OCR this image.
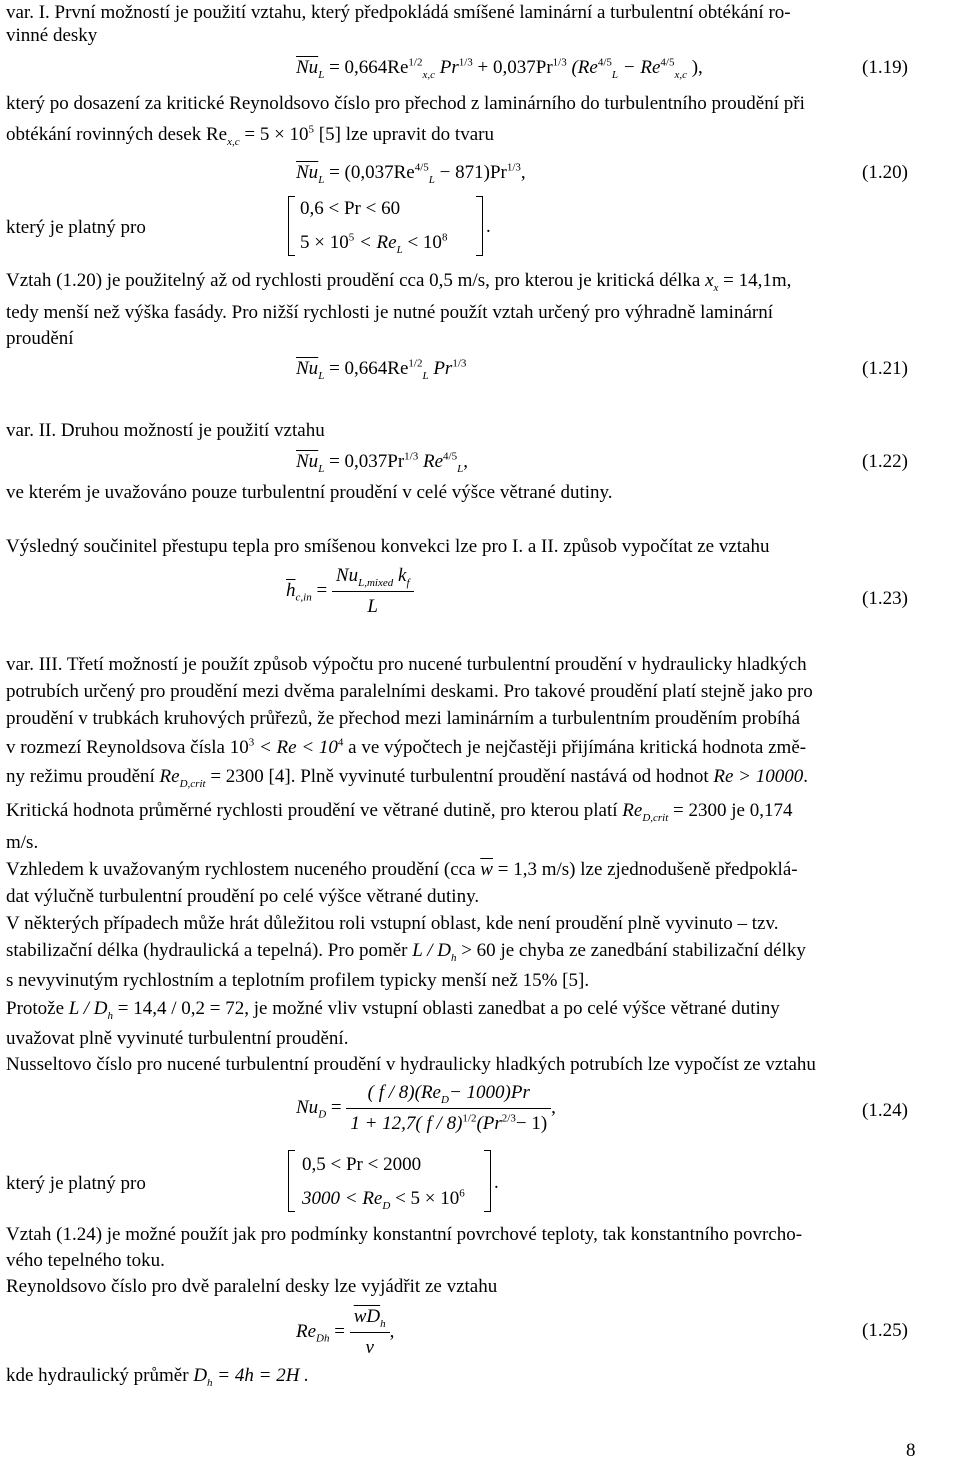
var. I. První možností je použití vztahu, který předpokládá smíšené laminární a turbulentní obtékání ro-
vinné desky
$\overline{Nu}_L = 0,664Re^{1/2}_{x,c}$ $Pr^{1/3} + 0,037Pr^{1/3}$ ($Re^{4/5}_L - Re^{4/5}_{x,c}$ ),	(1.19)
který po dosazení za kritické Reynoldsovo číslo pro přechod z laminárního do turbulentního proudění při
obtékání rovinných desek $Re_{x,c} = 5 \times 10^5$ [5] lze upravit do tvaru
$\overline{Nu}_L = (0,037Re^{4/5}_L - 871)Pr^{1/3}$,	(1.20)
který je platný pro
0,6 < Pr < 60
$5 \times 10^5 < Re_L < 10^8$
.
Vztah (1.20) je použitelný až od rychlosti proudění cca 0,5 m/s, pro kterou je kritická délka $x_x = 14,1m$,
tedy menší než výška fasády. Pro nižší rychlosti je nutné použít vztah určený pro výhradně laminární
proudění
$\overline{Nu}_L = 0,664Re^{1/2}_L$ $Pr^{1/3}$	(1.21)
var. II. Druhou možností je použití vztahu
$\overline{Nu}_L = 0,037Pr^{1/3}$ $Re^{4/5}_L$,	(1.22)
ve kterém je uvažováno pouze turbulentní proudění v celé výšce větrané dutiny.
Výsledný součinitel přestupu tepla pro smíšenou konvekci lze pro I. a II. způsob vypočítat ze vztahu
$\overline{h}_{c,in} = \frac{Nu_{L,mixed} k_f}{L}$	(1.23)
var. III. Třetí možností je použít způsob výpočtu pro nucené turbulentní proudění v hydraulicky hladkých
potrubích určený pro proudění mezi dvěma paralelními deskami. Pro takové proudění platí stejně jako pro
proudění v trubkách kruhových průřezů, že přechod mezi laminárním a turbulentním prouděním probíhá
v rozmezí Reynoldsova čísla $10^3 < Re < 10^4$ a ve výpočtech je nejčastěji přijímána kritická hodnota změ-
ny režimu proudění $Re_{D,crit} = 2300$ [4]. Plně vyvinuté turbulentní proudění nastává od hodnot Re > 10000.
Kritická hodnota průměrné rychlosti proudění ve větrané dutině, pro kterou platí $Re_{D,crit} = 2300$ je 0,174
m/s.
Vzhledem k uvažovaným rychlostem nuceného proudění (cca $\overline{w} = 1,3$ m/s) lze zjednodušeně předpoklá-
dat výlučně turbulentní proudění po celé výšce větrané dutiny.
V některých případech může hrát důležitou roli vstupní oblast, kde není proudění plně vyvinuto – tzv.
stabilizační délka (hydraulická a tepelná). Pro poměr $L / D_h > 60$ je chyba ze zanedbání stabilizační délky
s nevyvinutým rychlostním a teplotním profilem typicky menší než 15% [5].
Protože $L / D_h = 14,4 / 0,2 = 72$, je možné vliv vstupní oblasti zanedbat a po celé výšce větrané dutiny
uvažovat plně vyvinuté turbulentní proudění.
Nusseltovo číslo pro nucené turbulentní proudění v hydraulicky hladkých potrubích lze vypočíst ze vztahu
$Nu_D = \frac{( f / 8)(Re_D- 1000)Pr}{1 + 12,7( f / 8)^{1/2}(Pr^{2/3}- 1)}$ ,	(1.24)
který je platný pro
0,5 < Pr < 2000
$3000 < Re_D < 5 \times 10^6$
.
Vztah (1.24) je možné použít jak pro podmínky konstantní povrchové teploty, tak konstantního povrcho-
vého tepelného toku.
Reynoldsovo číslo pro dvě paralelní desky lze vyjádřit ze vztahu
$Re_{Dh} = \frac{\overline{wD}_h}{\nu}$ ,	(1.25)
kde hydraulický průměr $D_h = 4h = 2H$ .
8
